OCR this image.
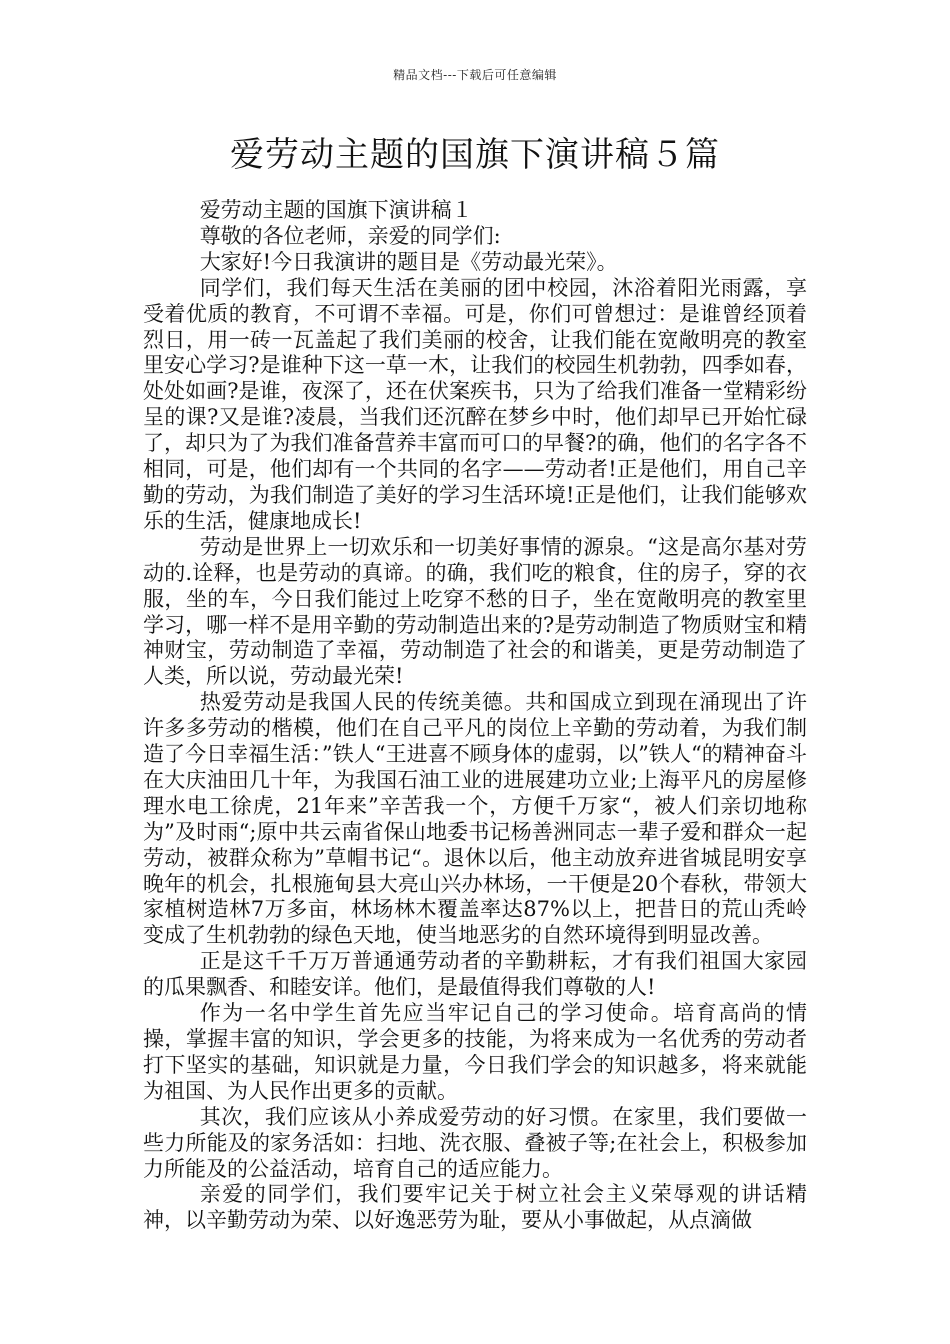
精品文档---下载后可任意编辑
爱劳动主题的国旗下演讲稿５篇

爱劳动主题的国旗下演讲稿１

尊敬的各位老师，亲爱的同学们:

大家好!今日我演讲的题目是《劳动最光荣》。

同学们，我们每天生活在美丽的团中校园，沐浴着阳光雨露，享受着优质的教育，不可谓不幸福。可是，你们可曾想过：是谁曾经顶着烈日，用一砖一瓦盖起了我们美丽的校舍，让我们能在宽敞明亮的教室里安心学习?是谁种下这一草一木，让我们的校园生机勃勃，四季如春，处处如画?是谁，夜深了，还在伏案疾书，只为了给我们准备一堂精彩纷呈的课?又是谁?凌晨，当我们还沉醉在梦乡中时，他们却早已开始忙碌了，却只为了为我们准备营养丰富而可口的早餐?的确，他们的名字各不相同，可是，他们却有一个共同的名字——劳动者!正是他们，用自己辛勤的劳动，为我们制造了美好的学习生活环境!正是他们，让我们能够欢乐的生活，健康地成长!

劳动是世界上一切欢乐和一切美好事情的源泉。“这是高尔基对劳动的.诠释，也是劳动的真谛。的确，我们吃的粮食，住的房子，穿的衣服，坐的车，今日我们能过上吃穿不愁的日子，坐在宽敞明亮的教室里学习，哪一样不是用辛勤的劳动制造出来的?是劳动制造了物质财宝和精神财宝，劳动制造了幸福，劳动制造了社会的和谐美，更是劳动制造了人类，所以说，劳动最光荣!

热爱劳动是我国人民的传统美德。共和国成立到现在涌现出了许许多多劳动的楷模，他们在自己平凡的岗位上辛勤的劳动着，为我们制造了今日幸福生活：”铁人“王进喜不顾身体的虚弱，以”铁人“的精神奋斗在大庆油田几十年，为我国石油工业的进展建功立业;上海平凡的房屋修理水电工徐虎，21年来”辛苦我一个，方便千万家“，被人们亲切地称为”及时雨“;原中共云南省保山地委书记杨善洲同志一辈子爱和群众一起劳动，被群众称为”草帽书记“。退休以后，他主动放弃进省城昆明安享晚年的机会，扎根施甸县大亮山兴办林场，一干便是20个春秋，带领大家植树造林7万多亩，林场林木覆盖率达87%以上，把昔日的荒山秃岭变成了生机勃勃的绿色天地，使当地恶劣的自然环境得到明显改善。

正是这千千万万普通通劳动者的辛勤耕耘，才有我们祖国大家园的瓜果飘香、和睦安详。他们，是最值得我们尊敬的人!

作为一名中学生首先应当牢记自己的学习使命。培育高尚的情操，掌握丰富的知识，学会更多的技能，为将来成为一名优秀的劳动者打下坚实的基础，知识就是力量，今日我们学会的知识越多，将来就能为祖国、为人民作出更多的贡献。

其次，我们应该从小养成爱劳动的好习惯。在家里，我们要做一些力所能及的家务活如：扫地、洗衣服、叠被子等;在社会上，积极参加力所能及的公益活动，培育自己的适应能力。

亲爱的同学们，我们要牢记关于树立社会主义荣辱观的讲话精神，以辛勤劳动为荣、以好逸恶劳为耻，要从小事做起，从点滴做
